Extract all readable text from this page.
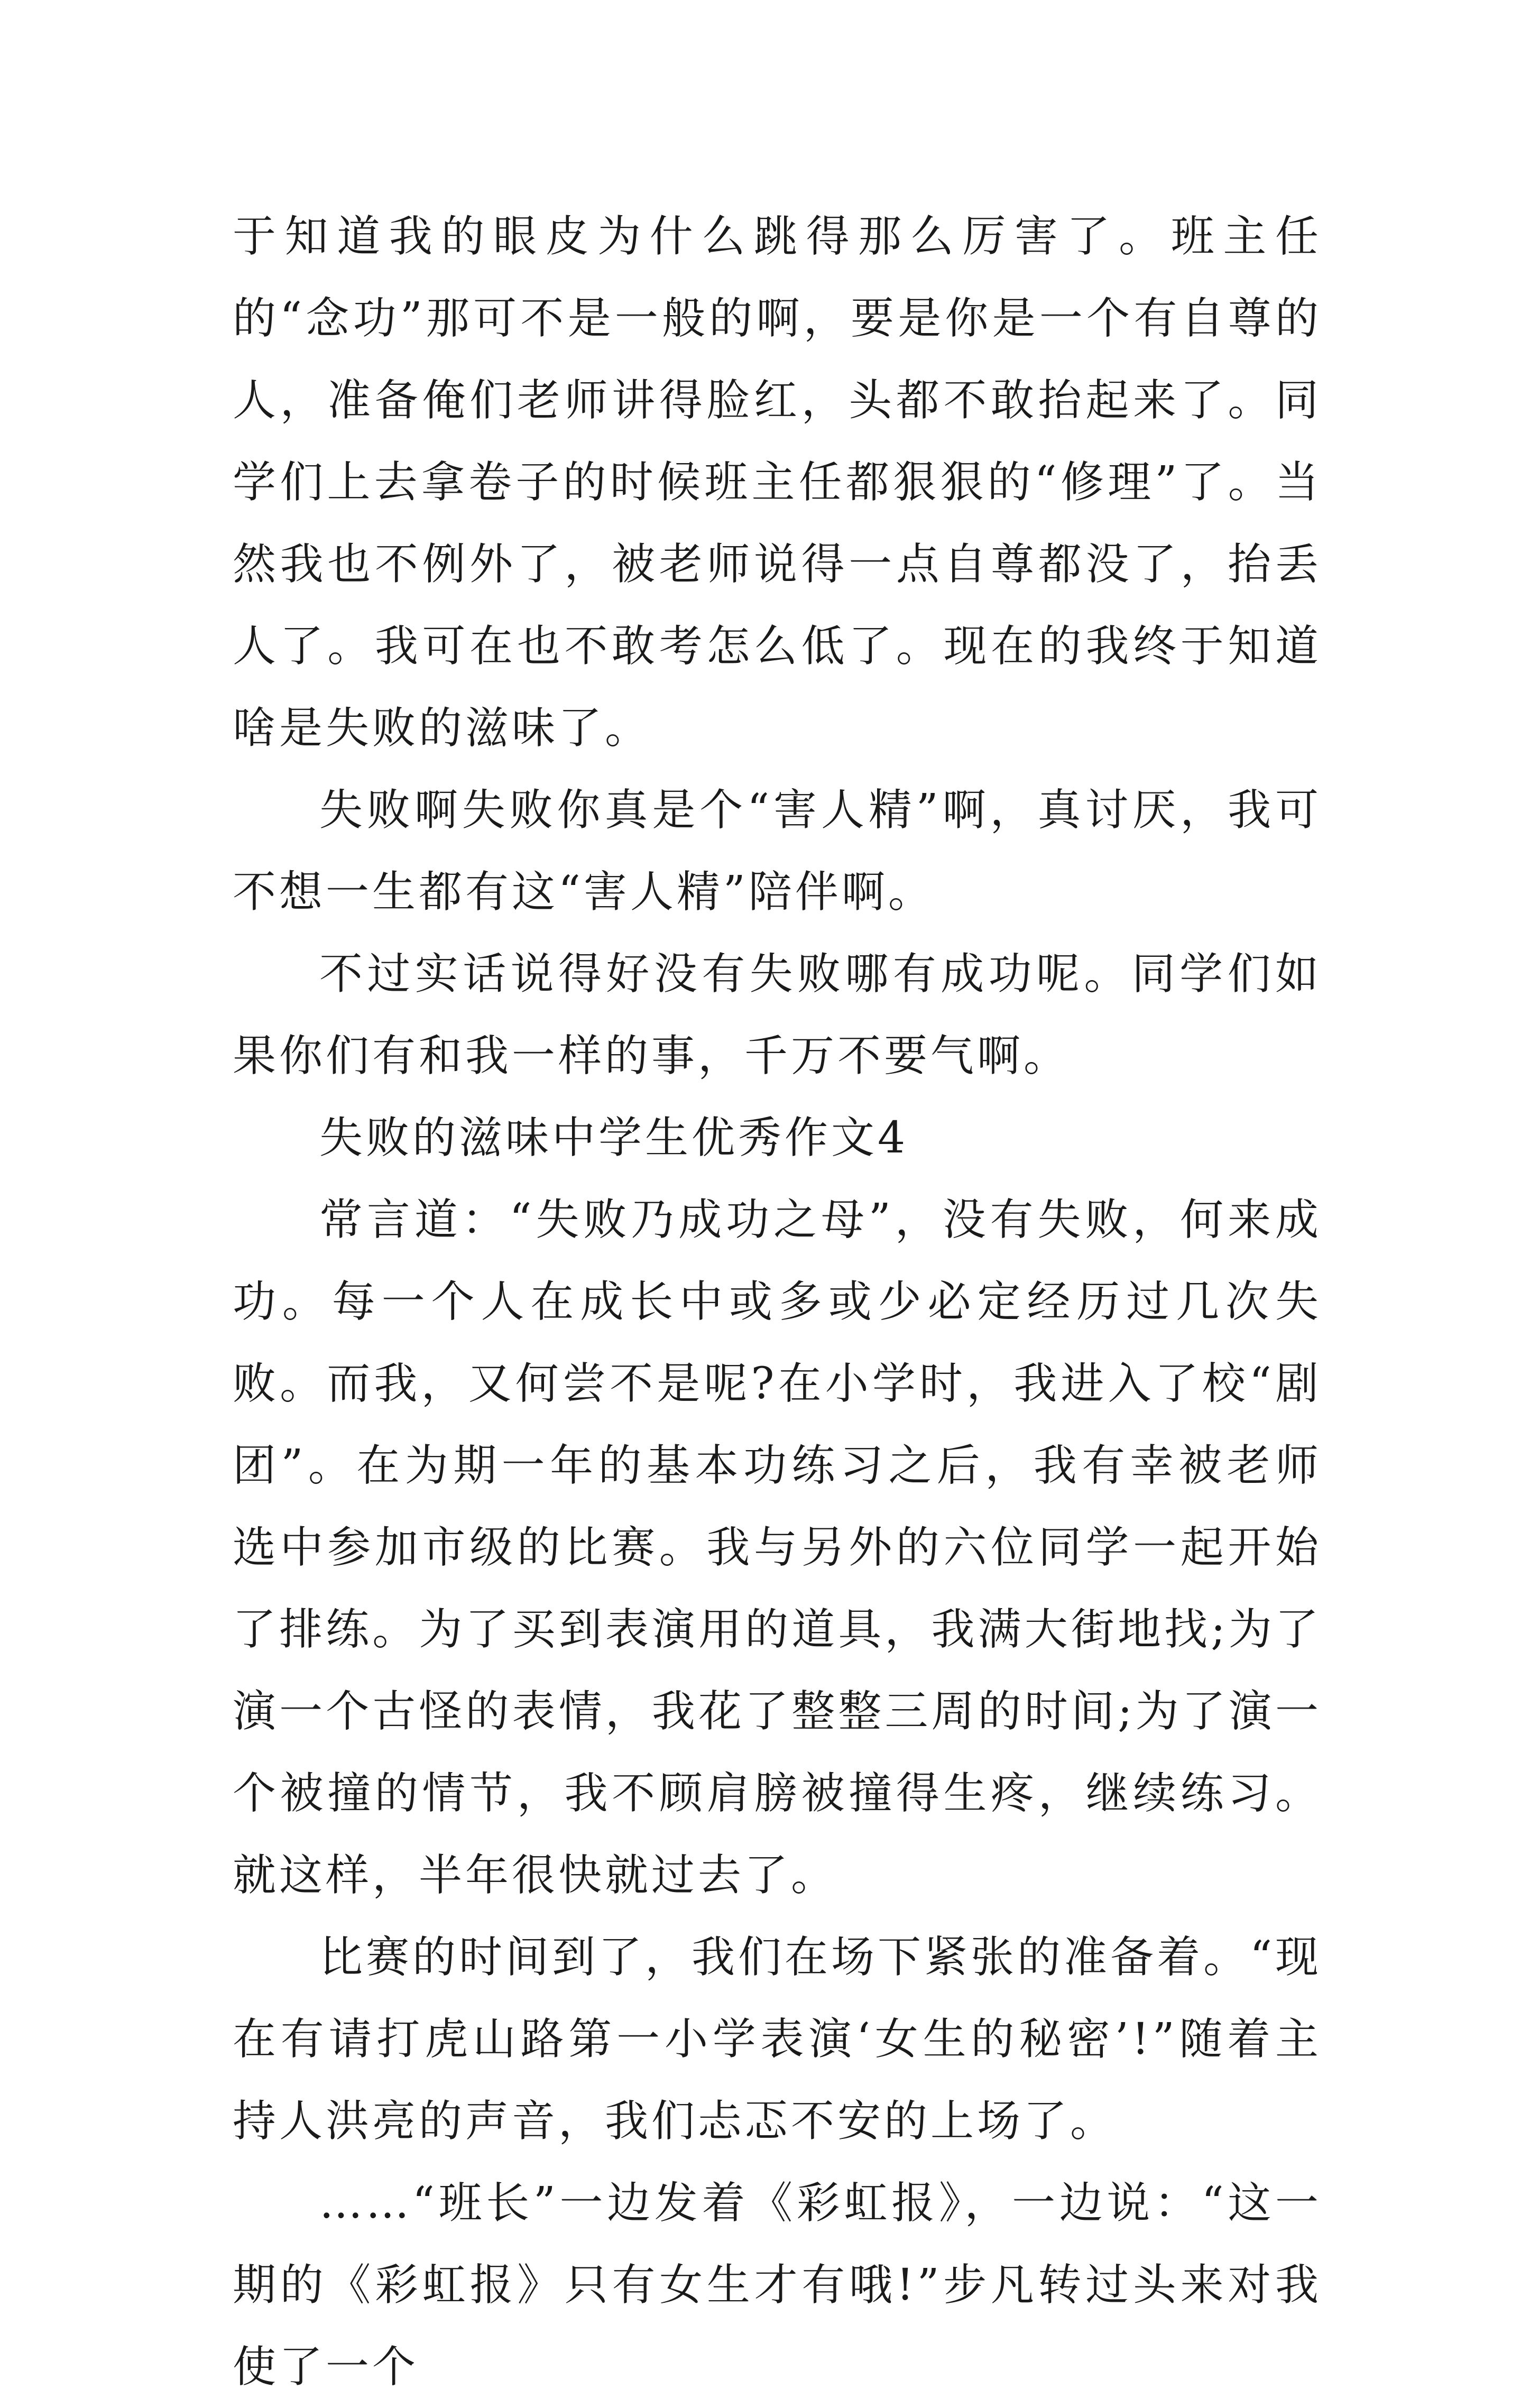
于知道我的眼皮为什么跳得那么厉害了。班主任的“念功”那可不是一般的啊，要是你是一个有自尊的人，准备俺们老师讲得脸红，头都不敢抬起来了。同学们上去拿卷子的时候班主任都狠狠的“修理”了。当然我也不例外了，被老师说得一点自尊都没了，抬丢人了。我可在也不敢考怎么低了。现在的我终于知道啥是失败的滋味了。

失败啊失败你真是个“害人精”啊，真讨厌，我可不想一生都有这“害人精”陪伴啊。

不过实话说得好没有失败哪有成功呢。同学们如果你们有和我一样的事，千万不要气啊。

失败的滋味中学生优秀作文4

常言道：“失败乃成功之母”，没有失败，何来成功。每一个人在成长中或多或少必定经历过几次失败。而我，又何尝不是呢?在小学时，我进入了校“剧团”。在为期一年的基本功练习之后，我有幸被老师选中参加市级的比赛。我与另外的六位同学一起开始了排练。为了买到表演用的道具，我满大街地找;为了演一个古怪的表情，我花了整整三周的时间;为了演一个被撞的情节，我不顾肩膀被撞得生疼，继续练习。就这样，半年很快就过去了。

比赛的时间到了，我们在场下紧张的准备着。“现在有请打虎山路第一小学表演‘女生的秘密’!”随着主持人洪亮的声音，我们忐忑不安的上场了。

……“班长”一边发着《彩虹报》，一边说：“这一期的《彩虹报》只有女生才有哦!”步凡转过头来对我使了一个
